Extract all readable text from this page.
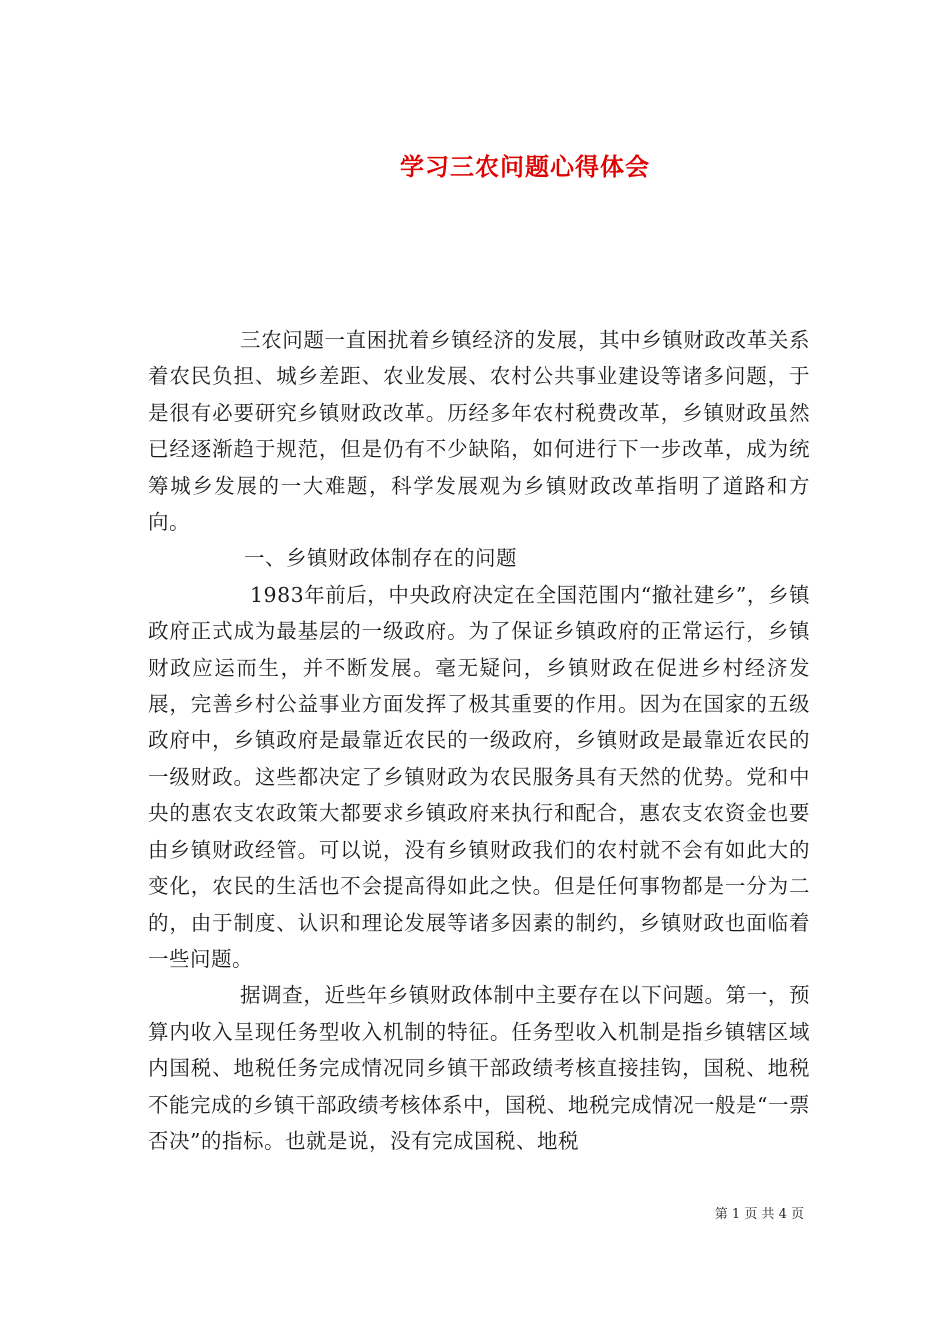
学习三农问题心得体会

三农问题一直困扰着乡镇经济的发展，其中乡镇财政改革关系着农民负担、城乡差距、农业发展、农村公共事业建设等诸多问题，于是很有必要研究乡镇财政改革。历经多年农村税费改革，乡镇财政虽然已经逐渐趋于规范，但是仍有不少缺陷，如何进行下一步改革，成为统筹城乡发展的一大难题，科学发展观为乡镇财政改革指明了道路和方向。

一、乡镇财政体制存在的问题

1983年前后，中央政府决定在全国范围内“撤社建乡”，乡镇政府正式成为最基层的一级政府。为了保证乡镇政府的正常运行，乡镇财政应运而生，并不断发展。毫无疑问，乡镇财政在促进乡村经济发展，完善乡村公益事业方面发挥了极其重要的作用。因为在国家的五级政府中，乡镇政府是最靠近农民的一级政府，乡镇财政是最靠近农民的一级财政。这些都决定了乡镇财政为农民服务具有天然的优势。党和中央的惠农支农政策大都要求乡镇政府来执行和配合，惠农支农资金也要由乡镇财政经管。可以说，没有乡镇财政我们的农村就不会有如此大的变化，农民的生活也不会提高得如此之快。但是任何事物都是一分为二的，由于制度、认识和理论发展等诸多因素的制约，乡镇财政也面临着一些问题。

据调查，近些年乡镇财政体制中主要存在以下问题。第一，预算内收入呈现任务型收入机制的特征。任务型收入机制是指乡镇辖区域内国税、地税任务完成情况同乡镇干部政绩考核直接挂钩，国税、地税不能完成的乡镇干部政绩考核体系中，国税、地税完成情况一般是“一票否决”的指标。也就是说，没有完成国税、地税

第 1 页 共 4 页
